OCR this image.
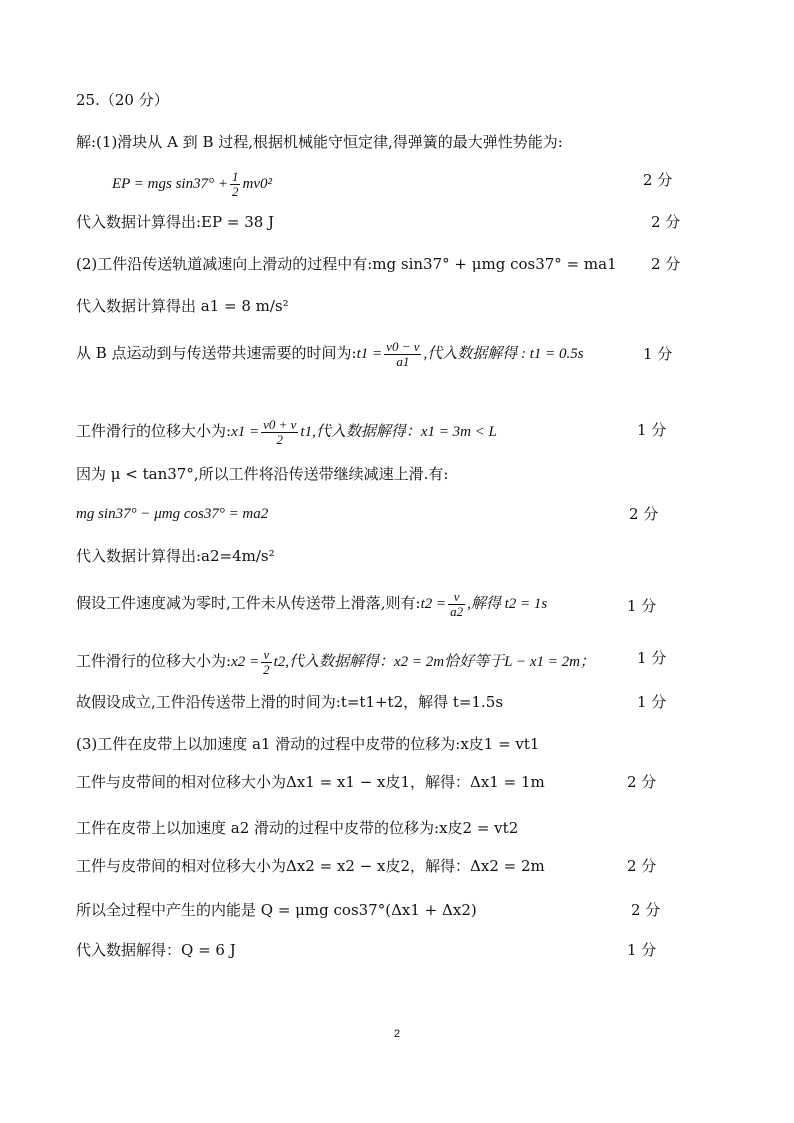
25.（20 分）
解:(1)滑块从 A 到 B 过程,根据机械能守恒定律,得弹簧的最大弹性势能为:
EP = mgs $\sin 37^\circ + \frac{1}{2} mv0^2$	2 分
代入数据计算得出:EP = 38 J	2 分
(2)工件沿传送轨道减速向上滑动的过程中有:mg sin37° + μmg cos37° = ma1 2 分
代入数据计算得出 a1 = 8 m/s²
从 B 点运动到与传送带共速需要的时间为:t1 = $\frac{v0 - v}{a1}$ ,代入数据解得 : t1 = 0.5s	1 分
工件滑行的位移大小为:x1 = $\frac{v0 + v}{2} t1$,代入数据解得：x1 = 3m < L	1 分
因为 μ < tan37°,所以工件将沿传送带继续减速上滑.有:
mg sin37° − μmg cos37° = ma2	2 分
代入数据计算得出:a2=4m/s²
假设工件速度减为零时,工件未从传送带上滑落,则有:t2 = $\frac{v}{a2}$ ,解得 t2 = 1s	1 分
工件滑行的位移大小为:x2 = $\frac{v}{2} t2$,代入数据解得：x2 = 2m恰好等于L − x1 = 2m；	1 分
故假设成立,工件沿传送带上滑的时间为:t=t1+t2，解得 t=1.5s	1 分
(3)工件在皮带上以加速度 a1 滑动的过程中皮带的位移为:x皮1 = vt1
工件与皮带间的相对位移大小为Δx1 = x1 − x皮1，解得：Δx1 = 1m	2 分
工件在皮带上以加速度 a2 滑动的过程中皮带的位移为:x皮2 = vt2
工件与皮带间的相对位移大小为Δx2 = x2 − x皮2，解得：Δx2 = 2m	2 分
所以全过程中产生的内能是 Q = μmg cos37°(Δx1 + Δx2)	2 分
代入数据解得：Q = 6 J	1 分
2
